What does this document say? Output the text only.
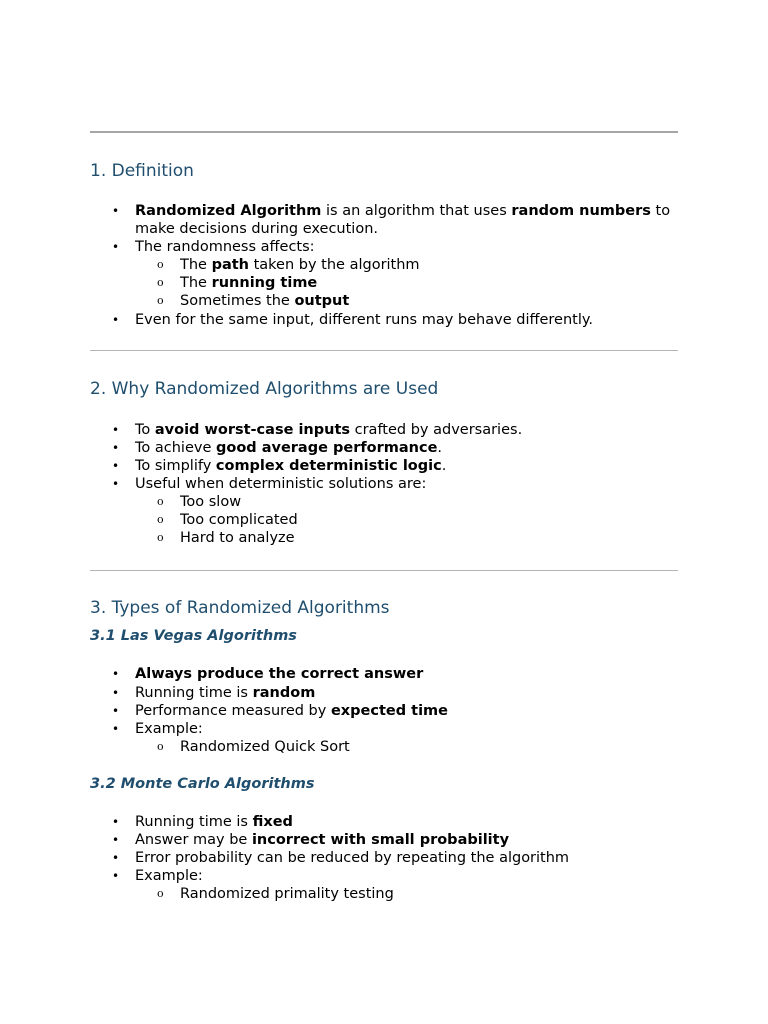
1. Definition
• Randomized Algorithm is an algorithm that uses random numbers to make decisions during execution.
• The randomness affects:
o The path taken by the algorithm
o The running time
o Sometimes the output
• Even for the same input, different runs may behave differently.
2. Why Randomized Algorithms are Used
• To avoid worst-case inputs crafted by adversaries.
• To achieve good average performance.
• To simplify complex deterministic logic.
• Useful when deterministic solutions are:
o Too slow
o Too complicated
o Hard to analyze
3. Types of Randomized Algorithms
3.1 Las Vegas Algorithms
• Always produce the correct answer
• Running time is random
• Performance measured by expected time
• Example:
o Randomized Quick Sort
3.2 Monte Carlo Algorithms
• Running time is fixed
• Answer may be incorrect with small probability
• Error probability can be reduced by repeating the algorithm
• Example:
o Randomized primality testing
